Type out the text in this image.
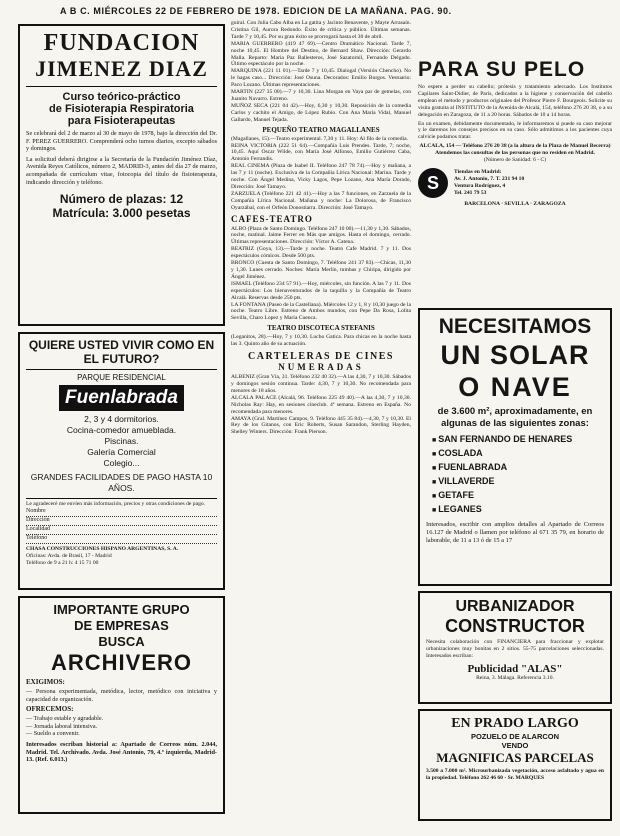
A B C. MIÉRCOLES 22 DE FEBRERO DE 1978. EDICION DE LA MAÑANA. PAG. 90.
FUNDACION
JIMENEZ DIAZ
Curso teórico-práctico
de Fisioterapia Respiratoria
para Fisioterapeutas
Se celebrará del 2 de marzo al 30 de mayo de 1978, bajo la dirección del Dr. F. PEREZ GUERRERO. Comprenderá ocho turnos diarios, excepto sábados y domingos.
La solicitud deberá dirigirse a la Secretaría de la Fundación Jiménez Díaz, Avenida Reyes Católicos, número 2, MADRID-3, antes del día 27 de marzo, acompañada de currículum vitae, fotocopia del título de fisioterapeuta, indicando dirección y teléfono.
Número de plazas: 12
Matrícula: 3.000 pesetas
QUIERE USTED VIVIR COMO EN EL FUTURO?
PARQUE RESIDENCIAL
Fuenlabrada
2, 3 y 4 dormitorios.
Cocina-comedor amueblada.
Piscinas.
Galería Comercial
Colegio...
GRANDES FACILIDADES DE PAGO HASTA 10 AÑOS.
Le agradeceré me envíen más información, precios y otras condiciones de pago.
Nombre
Dirección
Localidad
Teléfono
CHASA CONSTRUCCIONES HISPANO ARGENTINAS, S. A.
Oficinas: Avda. de Brasil, 17 - Madrid
Teléfono de 9 a 21 h: 4 15 71 00
IMPORTANTE GRUPO
DE EMPRESAS
BUSCA
ARCHIVERO
EXIGIMOS:
— Persona experimentada, metódica, lector, metódico con iniciativa y capacidad de organización.
OFRECEMOS:
— Trabajo estable y agradable.
— Jornada laboral intensiva.
— Sueldo a convenir.
Interesados escriban historial a: Apartado de Correos núm. 2.044, Madrid. Tel. Archivado. Avda. José Antonio, 79, 4.º izquierda, Madrid-13. (Ref. 6.013.)
guiral. Con Julia Cabo Alba en La gatita y Jacinto Benavente, y Mayte Arrasaín. Cristina Gil, Aurora Redondo. Éxito de crítica y público. Últimas semanas. Tarde 7 y 10,45. Por su gran éxito se prorrogará hasta el 30 de abril.
MARIA GUERRERO (419 47 69).—Centro Dramático Nacional. Tarde 7, noche 10,45. El Hombre del Destino, de Bernard Shaw. Dirección: Gerardo Malla. Reparto: Maria Paz Ballesteros, José Sazatornil, Fernando Delgado. Último espectáculo por la noche.
MARQUINA (221 11 01).—Tarde 7 y 10,45. Dialogal (Versión Chencho). No le hagas caso... Dirección: José Osuna. Decorados: Emilio Burgos. Vestuario: Paco Lozano. Últimas representaciones.
MARTIN (227 35 00).—7 y 10,30. Lina Morgan en Vaya par de gemelas, con Juanito Navarro. Estreno.
MUÑOZ SECA (221 04 42).—Hoy, 6,30 y 10,30. Reposición de la comedia Carlos y cachito el Amigo, de López Rubio. Con Ana María Vidal, Manuel Gallardo, Manuel Tejada.
PEQUEÑO TEATRO MAGALLANES
(Magallanes, 15).—Teatro experimental. 7,30 y 11. Hoy: Al filo de la comedia.
REINA VICTORIA (222 51 64).—Compañía Luis Prendes. Tarde, 7; noche, 10,45. Aquí Oscar Wilde, con María José Alfonso, Emilio Gutiérrez Caba, Antonio Ferrandis.
REAL CINEMA (Plaza de Isabel II. Teléfono 247 78 74).—Hoy y mañana, a las 7 y 11 (noche). Exclusiva de la Compañía Lírica Nacional: Marina. Tarde y noche. Con Ángel Medina, Vicky Lagos, Pepe Lozano, Ana María Dorado, Dirección: José Tamayo.
ZARZUELA (Teléfono 221 42 41).—Hoy a las 7 funciones, en Zarzuela de la Compañía Lírica Nacional. Mañana y noche: La Dolorosa, de Francisco Oyarzábal, con el Orfeón Donostiarra. Dirección: José Tamayo.
CAFES-TEATRO
ALBO (Plaza de Santo Domingo. Teléfono 247 10 00).—11,30 y 1,30. Sábados, noche, matinal. Jaime Ferrer en Más que amigos. Hasta el domingo, cerrado. Últimas representaciones. Dirección: Víctor A. Catena.
BEATRIZ (Goya, 13).—Tarde y noche. Teatro Cafe Madrid. 7 y 11. Dos espectáculos cómicos. Desde 500 pts.
BRONCO (Cuesta de Santo Domingo, 7. Teléfono 241 37 83).—Chicas, 11,30 y 1,30. Lunes cerrado. Noches: María Merlín, tumbas y Chiripa, dirigido por Ángel Jiménez.
ISMAEL (Teléfono 234 57 91).—Hoy, miércoles, sin función. A las 7 y 11. Dos espectáculos: Los bienaventurados de la taquilla y la Compañía de Teatro Alcalá. Reservas desde 250 pts.
LA FONTANA (Paseo de la Castellana). Miércoles 12 y 1, 8 y 10,30 juego de la noche. Teatro Libre. Estreno de Ambos mundos, con Pepe Da Rosa, Lolita Sevilla, Charo Lopez y María Cuenca.
TEATRO DISCOTECA STEFANIS
(Leganitos, 28).—Hoy, 7 y 10,30. Lucho Gatica. Para chicas en la noche hasta las 3. Quinto año de su actuación.
CARTELERAS DE CINES
NUMERADAS
ALBENIZ (Gran Vía, 31. Teléfono 232 40 32).—A las 4,30, 7 y 10,30. Sábados y domingos sesión continua. Tarde: 4,30, 7 y 10,30. No recomendada para menores de 18 años.
ALCALA PALACE (Alcalá, 96. Teléfono 225 49 40).—A las 4,30, 7 y 10,30. Nicholas Ray: Hay, en sesiones cineclub. 4ª semana. Estreno en España. No recomendada para menores.
AMAYA (Gral. Martínez Campos, 9. Teléfono 445 35 84).—4,30, 7 y 10,30. El Rey de los Gitanos, con Eric Roberts, Susan Sarandon, Sterling Hayden, Shelley Winters. Dirección: Frank Pierson.
PARA SU PELO
No espere a perder su cabello; prótesis y tratamiento adecuado. Los Institutos Capilares Saint-Didier, de París, dedicados a la higiene y conservación del cabello emplean el método y productos originales del Profesor Pierre F. Bourgeois. Solicite su visita gratuita al INSTITUTO de la Avenida de Alcalá, 154, teléfono 276 20 38, o a su delegación en Zaragoza, de 11 a 20 horas. Sábados de 10 a 14 horas.
En un examen, debidamente documentado, le informaremos si puede su caso mejorar y le daremos los consejos precisos en su caso. Sólo admitimos a los pacientes cuya calvicie podamos tratar.
ALCALA, 154 — Teléfono 276 20 38 (a la altura de la Plaza de Manuel Becerra)
Atendemos las consultas de las personas que no residen en Madrid.
(Número de Sanidad: 6 - C)
S
Tiendas en Madrid:
Av. J. Antonio, 7. T. 231 94 10
Ventura Rodríguez, 4
Tel. 241 79 53
BARCELONA · SEVILLA · ZARAGOZA
NECESITAMOS
UN SOLAR
O NAVE
de 3.600 m², aproximadamente, en algunas de las siguientes zonas:
■ SAN FERNANDO DE HENARES
■ COSLADA
■ FUENLABRADA
■ VILLAVERDE
■ GETAFE
■ LEGANES
Interesados, escribir con amplios detalles al Apartado de Correos 16.127 de Madrid o llamen por teléfono al 671 35 79, en horario de laborable, de 11 a 13 ó de 15 a 17
URBANIZADOR
CONSTRUCTOR
Necesita colaboración con FINANCIERA para fraccionar y explotar urbanizaciones muy bonitas en 2 sitios. 55-75 parcelaciones seleccionadas. Interesados escriban:
Publicidad "ALAS"
Reina, 3. Málaga. Referencia 3.10.
EN PRADO LARGO
POZUELO DE ALARCON
VENDO
MAGNIFICAS PARCELAS
3.500 a 7.000 m². Microurbanizada vegetación, acceso asfaltado y agua en la propiedad. Teléfono 262 46 60 - Sr. MARQUES
